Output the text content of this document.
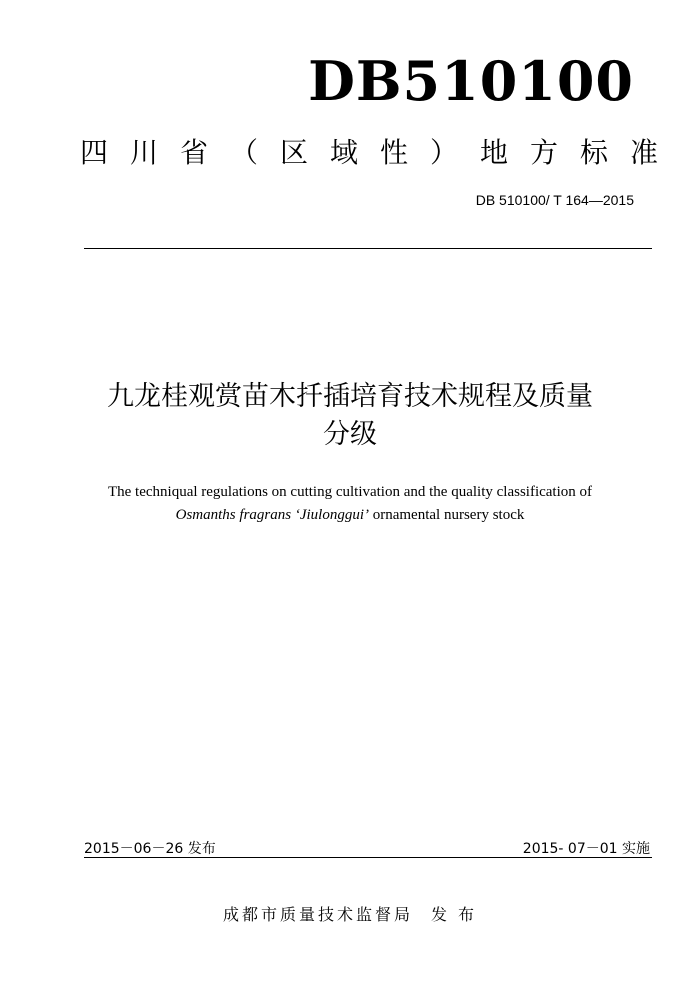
DB510100
四川省（区域性）地方标准
DB 510100/ T 164—2015
九龙桂观赏苗木扦插培育技术规程及质量
分级
The techniqual regulations on cutting cultivation and the quality classification of
Osmanths fragrans ‘Jiulonggui’ ornamental nursery stock
2015－06－26 发布	2015- 07－01 实施
成都市质量技术监督局 发 布
